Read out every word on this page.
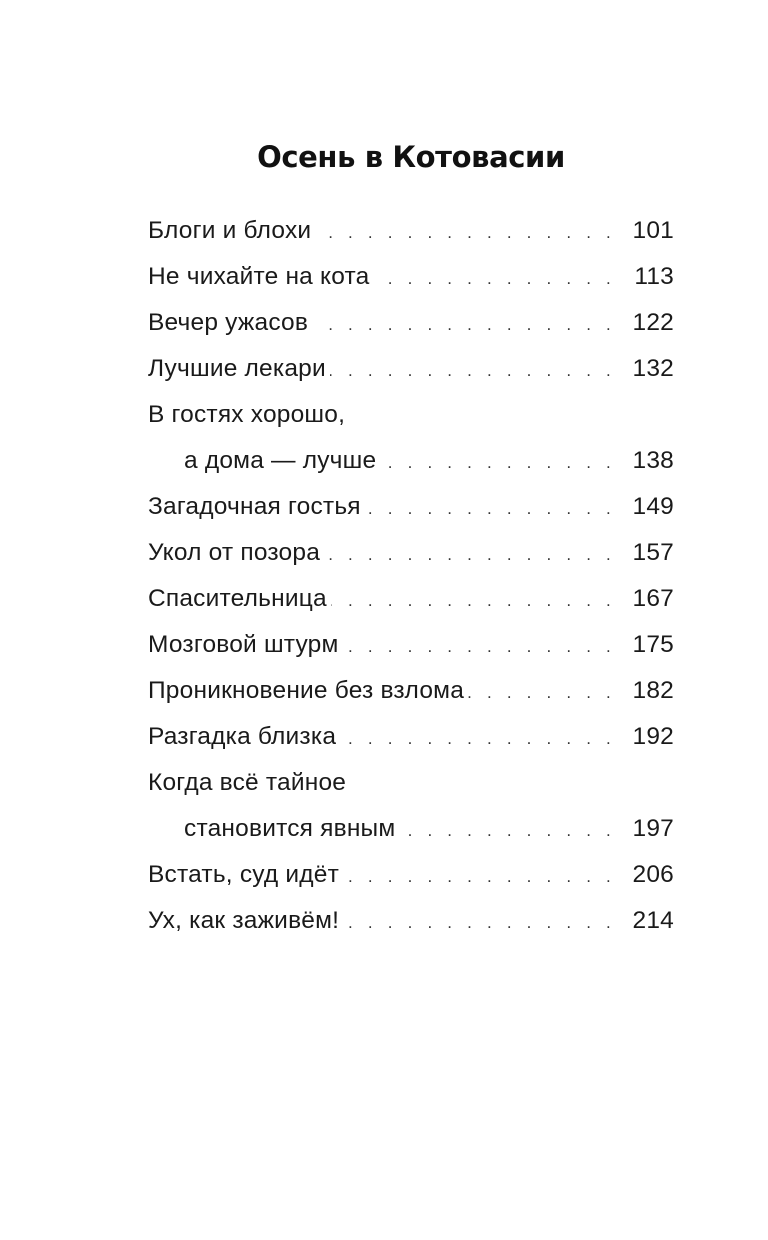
Осень в Котовасии
Блоги и блохи . . .	101
Не чихайте на кота . . .	113
Вечер ужасов . . .	122
Лучшие лекари . . .	132
В гостях хорошо,
а дома — лучше . . .	138
Загадочная гостья . . .	149
Укол от позора . . .	157
Спасительница . . .	167
Мозговой штурм . . .	175
Проникновение без взлома . . .	182
Разгадка близка . . .	192
Когда всё тайное
становится явным . . .	197
Встать, суд идёт . . .	206
Ух, как заживём! . . .	214
